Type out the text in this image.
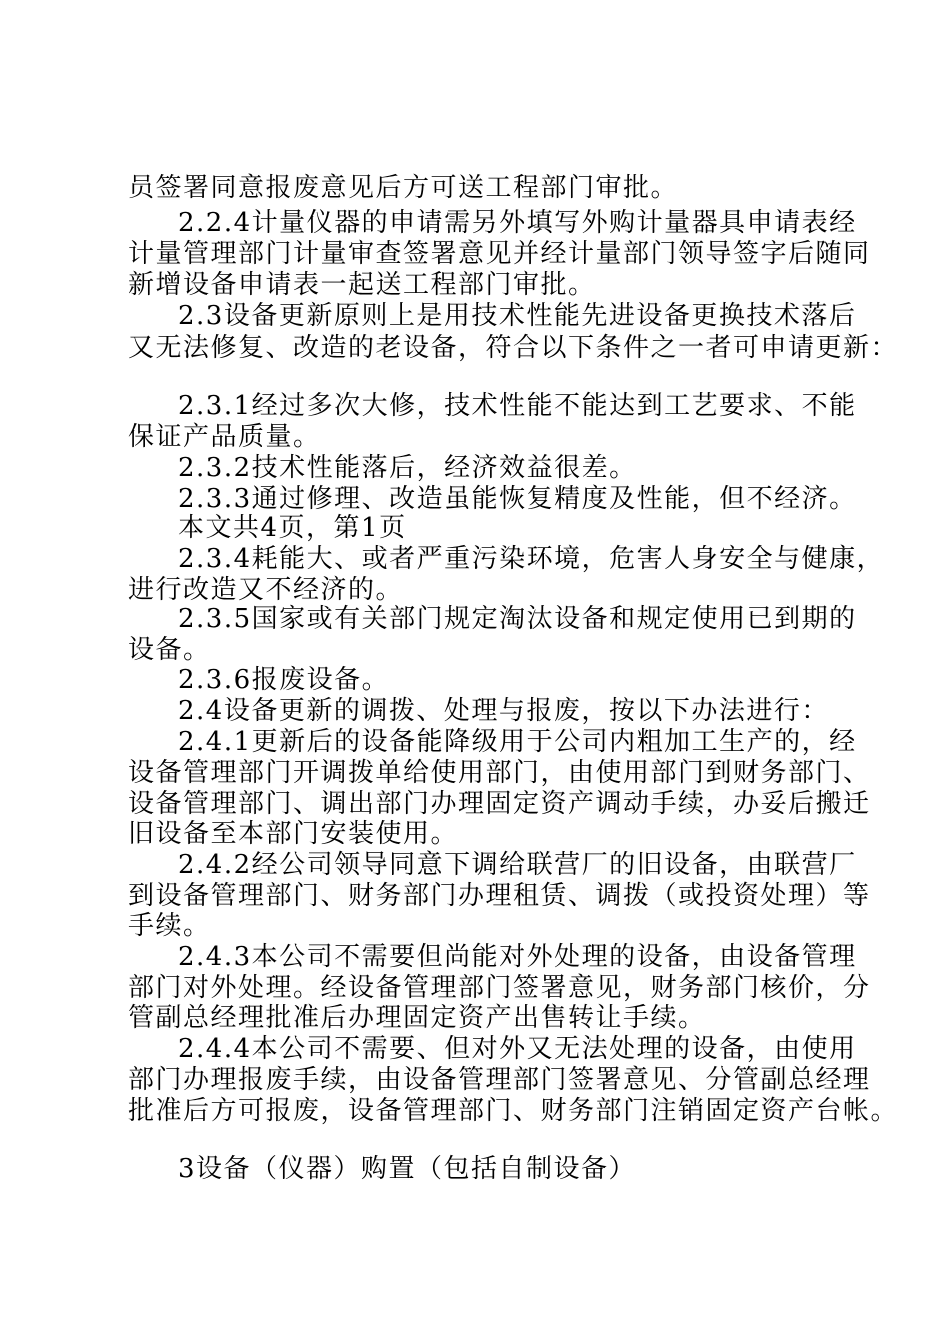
员签署同意报废意见后方可送工程部门审批。
2.2.4计量仪器的申请需另外填写外购计量器具申请表经
计量管理部门计量审查签署意见并经计量部门领导签字后随同
新增设备申请表一起送工程部门审批。
2.3设备更新原则上是用技术性能先进设备更换技术落后
又无法修复、改造的老设备，符合以下条件之一者可申请更新：
2.3.1经过多次大修，技术性能不能达到工艺要求、不能
保证产品质量。
2.3.2技术性能落后，经济效益很差。
2.3.3通过修理、改造虽能恢复精度及性能，但不经济。
本文共4页，第1页
2.3.4耗能大、或者严重污染环境，危害人身安全与健康，
进行改造又不经济的。
2.3.5国家或有关部门规定淘汰设备和规定使用已到期的
设备。
2.3.6报废设备。
2.4设备更新的调拨、处理与报废，按以下办法进行：
2.4.1更新后的设备能降级用于公司内粗加工生产的，经
设备管理部门开调拨单给使用部门，由使用部门到财务部门、
设备管理部门、调出部门办理固定资产调动手续，办妥后搬迁
旧设备至本部门安装使用。
2.4.2经公司领导同意下调给联营厂的旧设备，由联营厂
到设备管理部门、财务部门办理租赁、调拨（或投资处理）等
手续。
2.4.3本公司不需要但尚能对外处理的设备，由设备管理
部门对外处理。经设备管理部门签署意见，财务部门核价，分
管副总经理批准后办理固定资产出售转让手续。
2.4.4本公司不需要、但对外又无法处理的设备，由使用
部门办理报废手续，由设备管理部门签署意见、分管副总经理
批准后方可报废，设备管理部门、财务部门注销固定资产台帐。
3设备（仪器）购置（包括自制设备）
